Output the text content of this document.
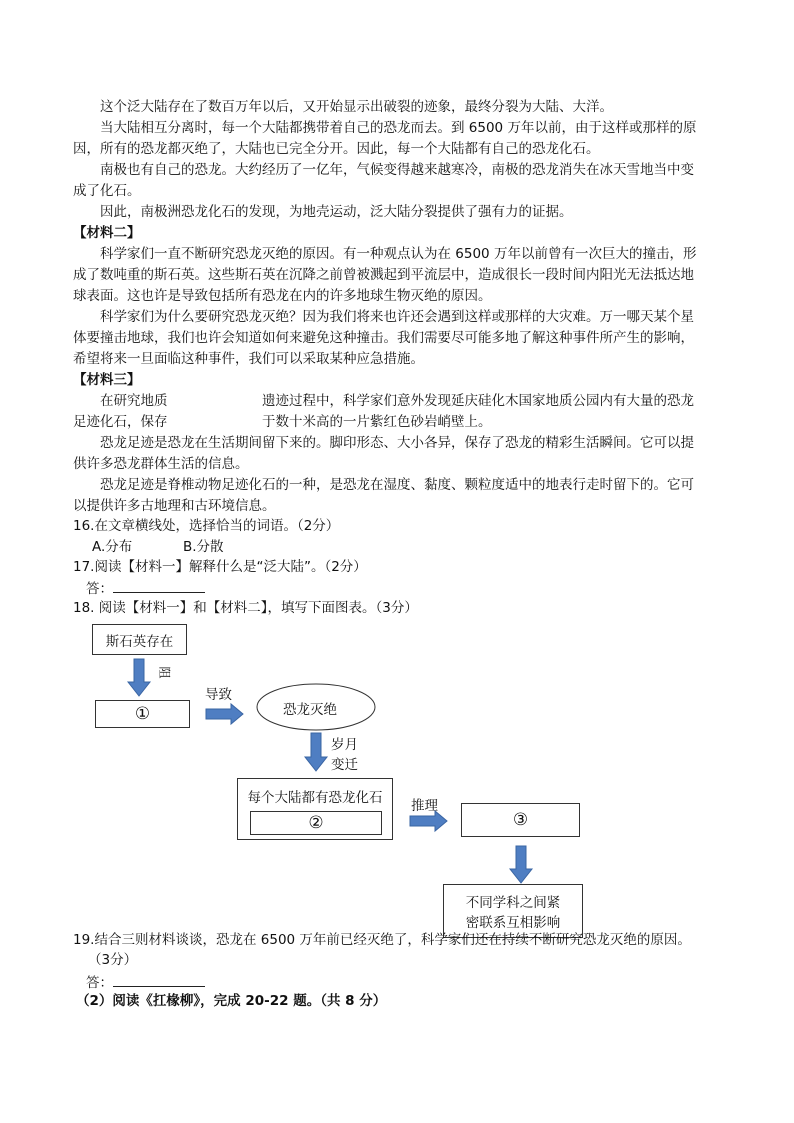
这个泛大陆存在了数百万年以后，又开始显示出破裂的迹象，最终分裂为大陆、大洋。
当大陆相互分离时，每一个大陆都携带着自己的恐龙而去。到 6500 万年以前，由于这样或那样的原
因，所有的恐龙都灭绝了，大陆也已完全分开。因此，每一个大陆都有自己的恐龙化石。
南极也有自己的恐龙。大约经历了一亿年，气候变得越来越寒冷，南极的恐龙消失在冰天雪地当中变
成了化石。
因此，南极洲恐龙化石的发现，为地壳运动，泛大陆分裂提供了强有力的证据。
【材料二】
科学家们一直不断研究恐龙灭绝的原因。有一种观点认为在 6500 万年以前曾有一次巨大的撞击，形
成了数吨重的斯石英。这些斯石英在沉降之前曾被溅起到平流层中，造成很长一段时间内阳光无法抵达地
球表面。这也许是导致包括所有恐龙在内的许多地球生物灭绝的原因。
科学家们为什么要研究恐龙灭绝？因为我们将来也许还会遇到这样或那样的大灾难。万一哪天某个星
体要撞击地球，我们也许会知道如何来避免这种撞击。我们需要尽可能多地了解这种事件所产生的影响，
希望将来一旦面临这种事件，我们可以采取某种应急措施。
【材料三】
在研究地质	遗迹过程中，科学家们意外发现延庆硅化木国家地质公园内有大量的恐龙
足迹化石，保存	于数十米高的一片紫红色砂岩峭壁上。
恐龙足迹是恐龙在生活期间留下来的。脚印形态、大小各异，保存了恐龙的精彩生活瞬间。它可以提
供许多恐龙群体生活的信息。
恐龙足迹是脊椎动物足迹化石的一种，是恐龙在湿度、黏度、颗粒度适中的地表行走时留下的。它可
以提供许多古地理和古环境信息。
16.在文章横线处，选择恰当的词语。（2分）
A.分布	B.分散
17.阅读【材料一】解释什么是“泛大陆”。（2分）
答：
18. 阅读【材料一】和【材料二】，填写下面图表。（3分）
斯石英存在
阻
①
导致
恐龙灭绝
岁月
变迁
每个大陆都有恐龙化石
②
推理
③
不同学科之间紧
密联系互相影响
19.结合三则材料谈谈，恐龙在 6500 万年前已经灭绝了，科学家们还在持续不断研究恐龙灭绝的原因。
（3分）
答：
（2）阅读《扛椽柳》，完成 20-22 题。（共 8 分）
